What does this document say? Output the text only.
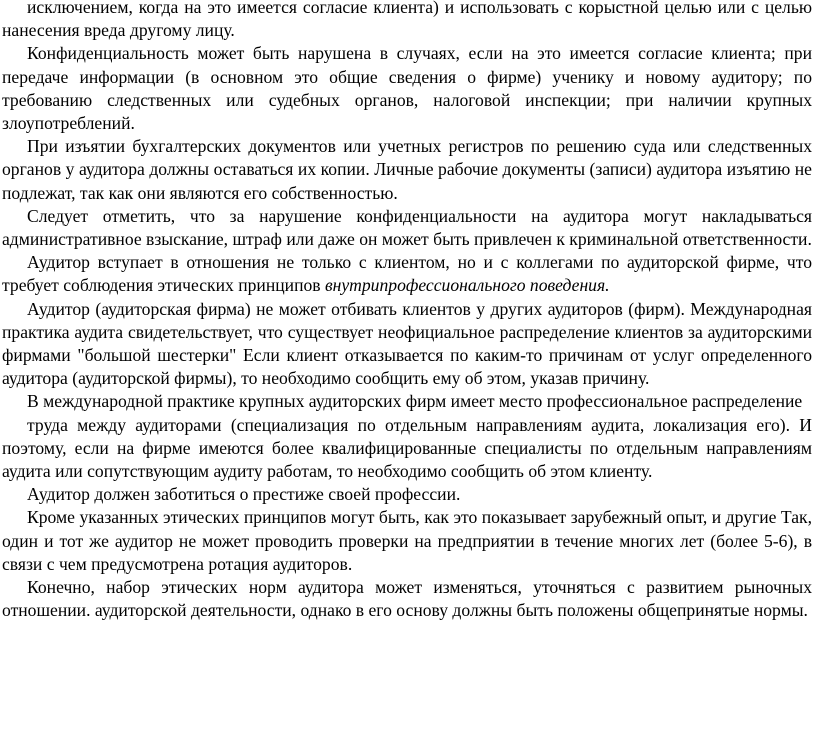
исключением, когда на это имеется согласие клиента) и использовать с корыстной целью или с целью нанесения вреда другому лицу.

Конфиденциальность может быть нарушена в случаях, если на это имеется согласие клиента; при передаче информации (в основном это общие сведения о фирме) ученику и новому аудитору; по требованию следственных или судебных органов, налоговой инспекции; при наличии крупных злоупотреблений.

При изъятии бухгалтерских документов или учетных регистров по решению суда или следственных органов у аудитора должны оставаться их копии. Личные рабочие документы (записи) аудитора изъятию не подлежат, так как они являются его собственностью.

Следует отметить, что за нарушение конфиденциальности на аудитора могут накладываться административное взыскание, штраф или даже он может быть привлечен к криминальной ответственности.

Аудитор вступает в отношения не только с клиентом, но и с коллегами по аудиторской фирме, что требует соблюдения этических принципов внутрипрофессионального поведения.

Аудитор (аудиторская фирма) не может отбивать клиентов у других аудиторов (фирм). Международная практика аудита свидетельствует, что существует неофициальное распределение клиентов за аудиторскими фирмами "большой шестерки" Если клиент отказывается по каким-то причинам от услуг определенного аудитора (аудиторской фирмы), то необходимо сообщить ему об этом, указав причину.

В международной практике крупных аудиторских фирм имеет место профессиональное распределение

труда между аудиторами (специализация по отдельным направлениям аудита, локализация его). И поэтому, если на фирме имеются более квалифицированные специалисты по отдельным направлениям аудита или сопутствующим аудиту работам, то необходимо сообщить об этом клиенту.

Аудитор должен заботиться о престиже своей профессии.

Кроме указанных этических принципов могут быть, как это показывает зарубежный опыт, и другие Так, один и тот же аудитор не может проводить проверки на предприятии в течение многих лет (более 5-6), в связи с чем предусмотрена ротация аудиторов.

Конечно, набор этических норм аудитора может изменяться, уточняться с развитием рыночных отношении. аудиторской деятельности, однако в его основу должны быть положены общепринятые нормы.
